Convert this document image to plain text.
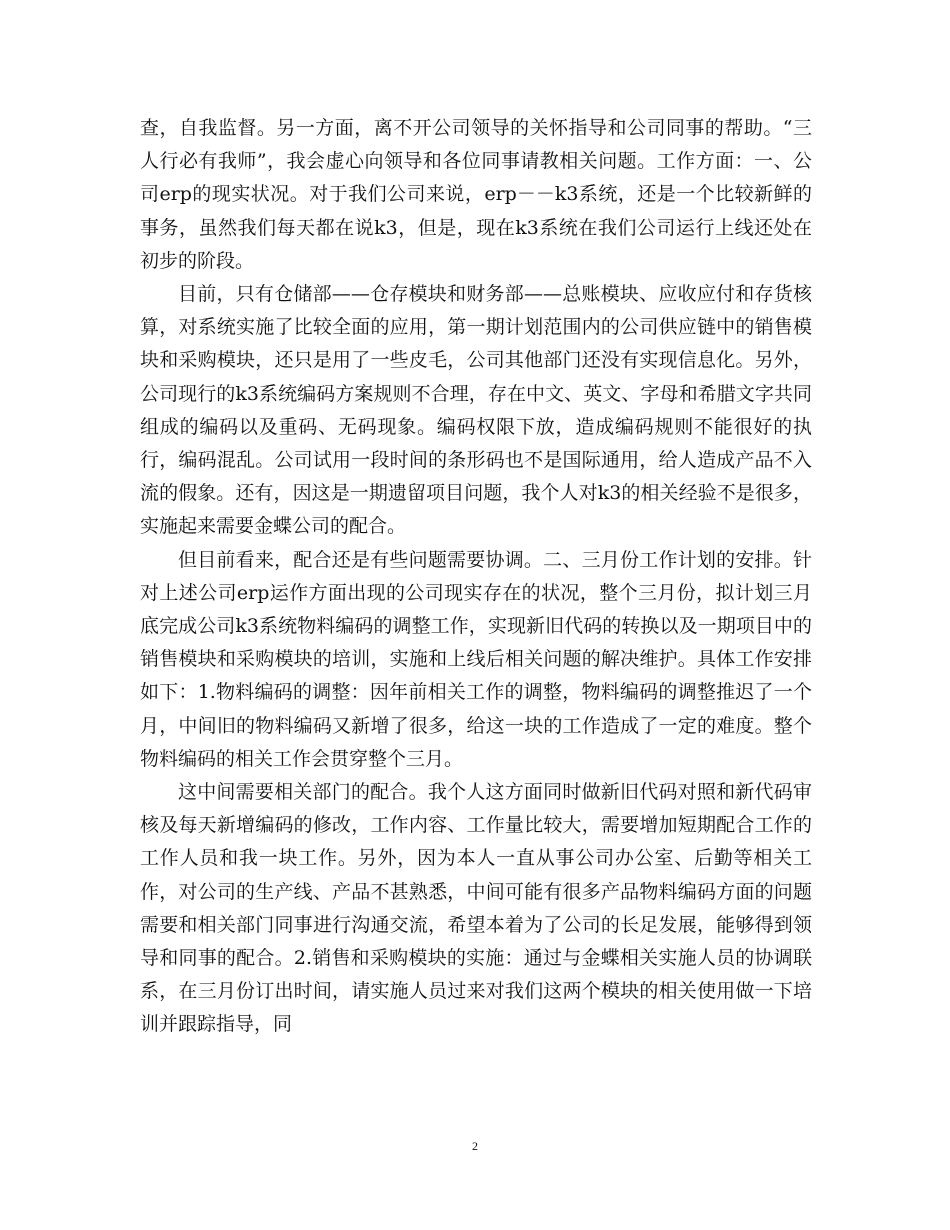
查，自我监督。另一方面，离不开公司领导的关怀指导和公司同事的帮助。“三人行必有我师”，我会虚心向领导和各位同事请教相关问题。工作方面：一、公司erp的现实状况。对于我们公司来说，erp－－k3系统，还是一个比较新鲜的事务，虽然我们每天都在说k3，但是，现在k3系统在我们公司运行上线还处在初步的阶段。

目前，只有仓储部——仓存模块和财务部——总账模块、应收应付和存货核算，对系统实施了比较全面的应用，第一期计划范围内的公司供应链中的销售模块和采购模块，还只是用了一些皮毛，公司其他部门还没有实现信息化。另外，公司现行的k3系统编码方案规则不合理，存在中文、英文、字母和希腊文字共同组成的编码以及重码、无码现象。编码权限下放，造成编码规则不能很好的执行，编码混乱。公司试用一段时间的条形码也不是国际通用，给人造成产品不入流的假象。还有，因这是一期遗留项目问题，我个人对k3的相关经验不是很多，实施起来需要金蝶公司的配合。

但目前看来，配合还是有些问题需要协调。二、三月份工作计划的安排。针对上述公司erp运作方面出现的公司现实存在的状况，整个三月份，拟计划三月底完成公司k3系统物料编码的调整工作，实现新旧代码的转换以及一期项目中的销售模块和采购模块的培训，实施和上线后相关问题的解决维护。具体工作安排如下：1.物料编码的调整：因年前相关工作的调整，物料编码的调整推迟了一个月，中间旧的物料编码又新增了很多，给这一块的工作造成了一定的难度。整个物料编码的相关工作会贯穿整个三月。

这中间需要相关部门的配合。我个人这方面同时做新旧代码对照和新代码审核及每天新增编码的修改，工作内容、工作量比较大，需要增加短期配合工作的工作人员和我一块工作。另外，因为本人一直从事公司办公室、后勤等相关工作，对公司的生产线、产品不甚熟悉，中间可能有很多产品物料编码方面的问题需要和相关部门同事进行沟通交流，希望本着为了公司的长足发展，能够得到领导和同事的配合。2.销售和采购模块的实施：通过与金蝶相关实施人员的协调联系，在三月份订出时间，请实施人员过来对我们这两个模块的相关使用做一下培训并跟踪指导，同

2
